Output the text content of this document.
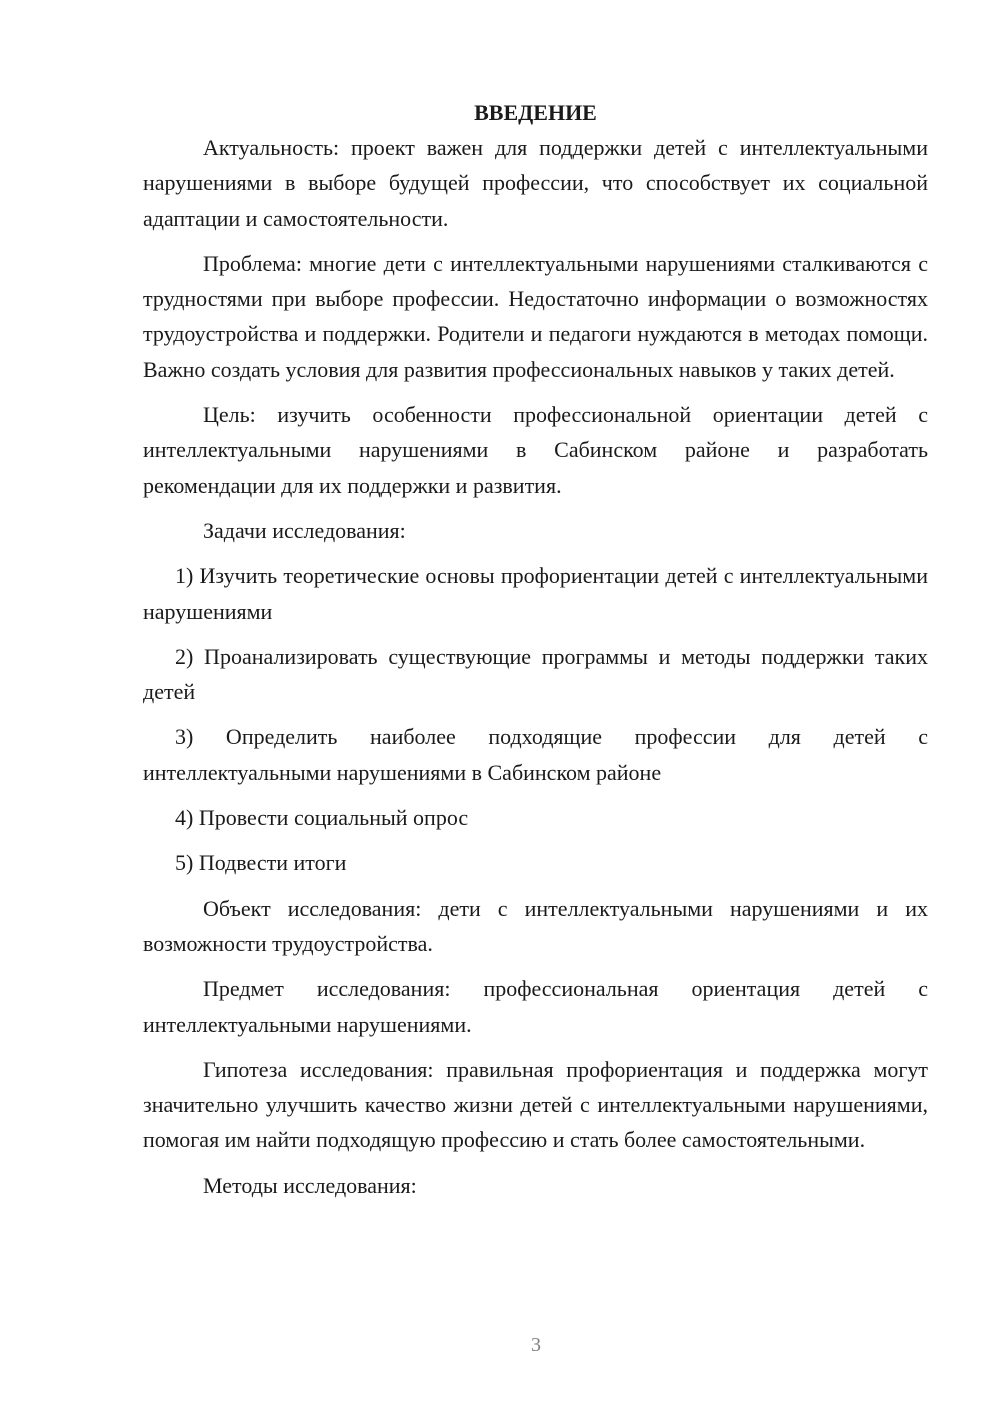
ВВЕДЕНИЕ

Актуальность: проект важен для поддержки детей с интеллектуальными нарушениями в выборе будущей профессии, что способствует их социальной адаптации и самостоятельности.

Проблема: многие дети с интеллектуальными нарушениями сталкиваются с трудностями при выборе профессии. Недостаточно информации о возможностях трудоустройства и поддержки. Родители и педагоги нуждаются в методах помощи. Важно создать условия для развития профессиональных навыков у таких детей.

Цель: изучить особенности профессиональной ориентации детей с интеллектуальными нарушениями в Сабинском районе и разработать рекомендации для их поддержки и развития.

Задачи исследования:

1) Изучить теоретические основы профориентации детей с интеллектуальными нарушениями

2) Проанализировать существующие программы и методы поддержки таких детей

3) Определить наиболее подходящие профессии для детей с интеллектуальными нарушениями в Сабинском районе

4) Провести социальный опрос

5) Подвести итоги

Объект исследования: дети с интеллектуальными нарушениями и их возможности трудоустройства.

Предмет исследования: профессиональная ориентация детей с интеллектуальными нарушениями.

Гипотеза исследования: правильная профориентация и поддержка могут значительно улучшить качество жизни детей с интеллектуальными нарушениями, помогая им найти подходящую профессию и стать более самостоятельными.

Методы исследования:

3
